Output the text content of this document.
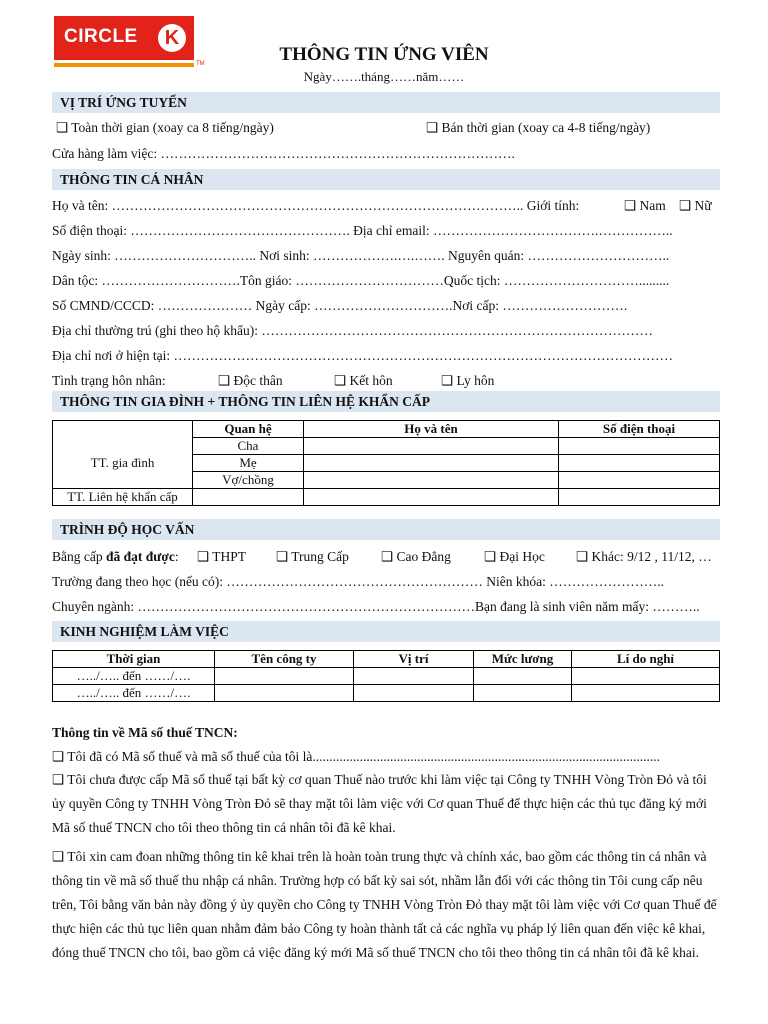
CIRCLE	K
TM	THÔNG TIN ỨNG VIÊN
Ngày…….tháng……năm……
VỊ TRÍ ỨNG TUYỂN
❑ Toàn thời gian (xoay ca 8 tiếng/ngày)	❑ Bán thời gian (xoay ca 4-8 tiếng/ngày)
Cửa hàng làm việc: …………………………………………………………………….
THÔNG TIN CÁ NHÂN
Họ và tên: ……………………………………………………………………………….. Giới tính:	❑ Nam ❑ Nữ
Số điện thoại: …………………………………………. Địa chỉ email: ……………………………….……………..
Ngày sinh: ………………………….. Nơi sinh: ……………….….……. Nguyên quán: …………………………..
Dân tộc: ………………………….Tôn giáo: ……………………………Quốc tịch: ………………………….........
Số CMND/CCCD: ………………… Ngày cấp: ………………………….Nơi cấp: ……………………….
Địa chỉ thường trú (ghi theo hộ khẩu): ……………………………………………………………………………
Địa chỉ nơi ở hiện tại: …………………………………………………………………………………………………
Tình trạng hôn nhân:	❑ Độc thân	❑ Kết hôn	❑ Ly hôn
THÔNG TIN GIA ĐÌNH + THÔNG TIN LIÊN HỆ KHẨN CẤP
	Quan hệ	Họ và tên	Số điện thoại
TT. gia đình	Cha		
	Mẹ		
	Vợ/chồng		
TT. Liên hệ khẩn cấp			
TRÌNH ĐỘ HỌC VẤN
Bằng cấp đã đạt được: ❑ THPT ❑ Trung Cấp ❑ Cao Đẳng ❑ Đại Học ❑ Khác: 9/12 , 11/12, …
Trường đang theo học (nếu có): ………………………………………………… Niên khóa: ……………………..
Chuyên ngành: …………………………………………………………………Bạn đang là sinh viên năm mấy: ………..
KINH NGHIỆM LÀM VIỆC
Thời gian	Tên công ty	Vị trí	Mức lương	Lí do nghỉ
…../….. đến ……/….				
…../….. đến ……/….				
Thông tin về Mã số thuế TNCN:
❑ Tôi đã có Mã số thuế và mã số thuế của tôi là.......................................................................................................
❑ Tôi chưa được cấp Mã số thuế tại bất kỳ cơ quan Thuế nào trước khi làm việc tại Công ty TNHH Vòng Tròn Đỏ và tôi ủy quyền Công ty TNHH Vòng Tròn Đỏ sẽ thay mặt tôi làm việc với Cơ quan Thuế để thực hiện các thủ tục đăng ký mới Mã số thuế TNCN cho tôi theo thông tin cá nhân tôi đã kê khai.
❑ Tôi xin cam đoan những thông tin kê khai trên là hoàn toàn trung thực và chính xác, bao gồm các thông tin cá nhân và thông tin về mã số thuế thu nhập cá nhân. Trường hợp có bất kỳ sai sót, nhầm lẫn đối với các thông tin Tôi cung cấp nêu trên, Tôi bằng văn bản này đồng ý ủy quyền cho Công ty TNHH Vòng Tròn Đỏ thay mặt tôi làm việc với Cơ quan Thuế để thực hiện các thủ tục liên quan nhằm đảm bảo Công ty hoàn thành tất cả các nghĩa vụ pháp lý liên quan đến việc kê khai, đóng thuế TNCN cho tôi, bao gồm cả việc đăng ký mới Mã số thuế TNCN cho tôi theo thông tin cá nhân tôi đã kê khai.
